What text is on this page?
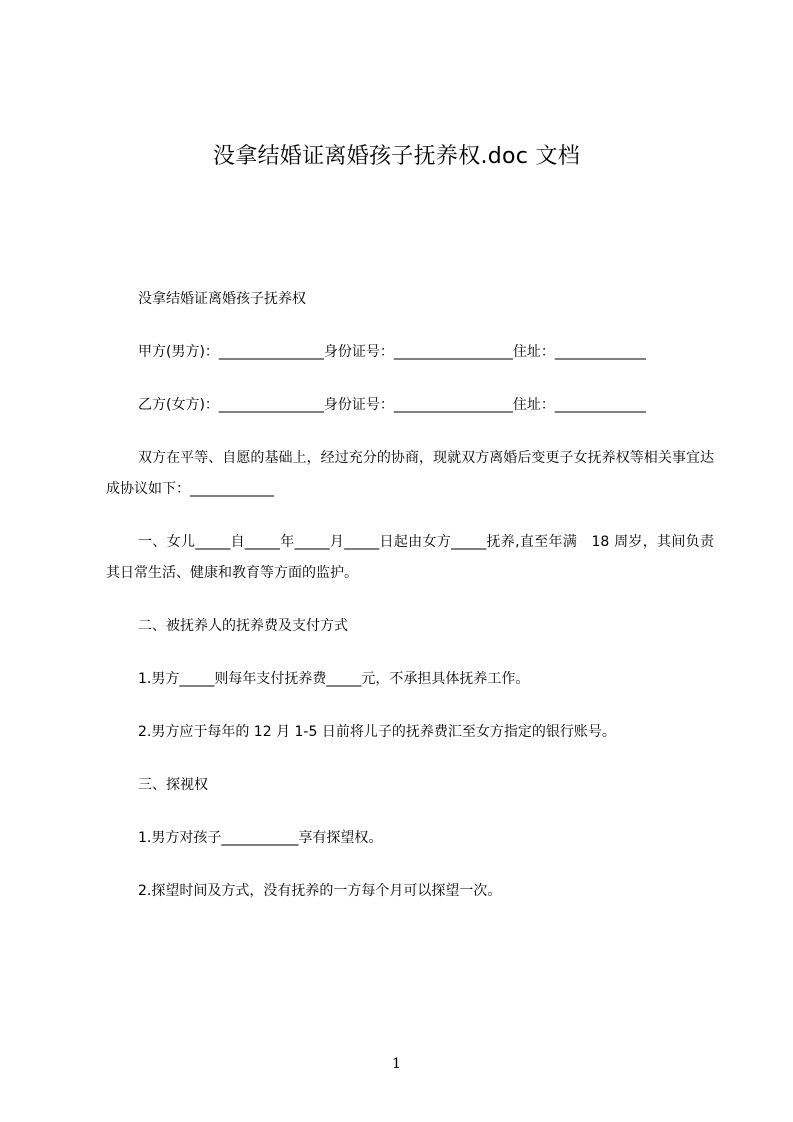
没拿结婚证离婚孩子抚养权.doc 文档

没拿结婚证离婚孩子抚养权

甲方(男方)：_______________身份证号：_________________住址：_____________

乙方(女方)：_______________身份证号：_________________住址：_____________

双方在平等、自愿的基础上，经过充分的协商，现就双方离婚后变更子女抚养权等相关事宜达成协议如下：____________

一、女儿_____自_____年_____月_____日起由女方_____抚养,直至年满　18 周岁，其间负责其日常生活、健康和教育等方面的监护。

二、被抚养人的抚养费及支付方式

1.男方_____则每年支付抚养费_____元，不承担具体抚养工作。

2.男方应于每年的 12 月 1-5 日前将儿子的抚养费汇至女方指定的银行账号。

三、探视权

1.男方对孩子___________享有探望权。

2.探望时间及方式，没有抚养的一方每个月可以探望一次。

1
